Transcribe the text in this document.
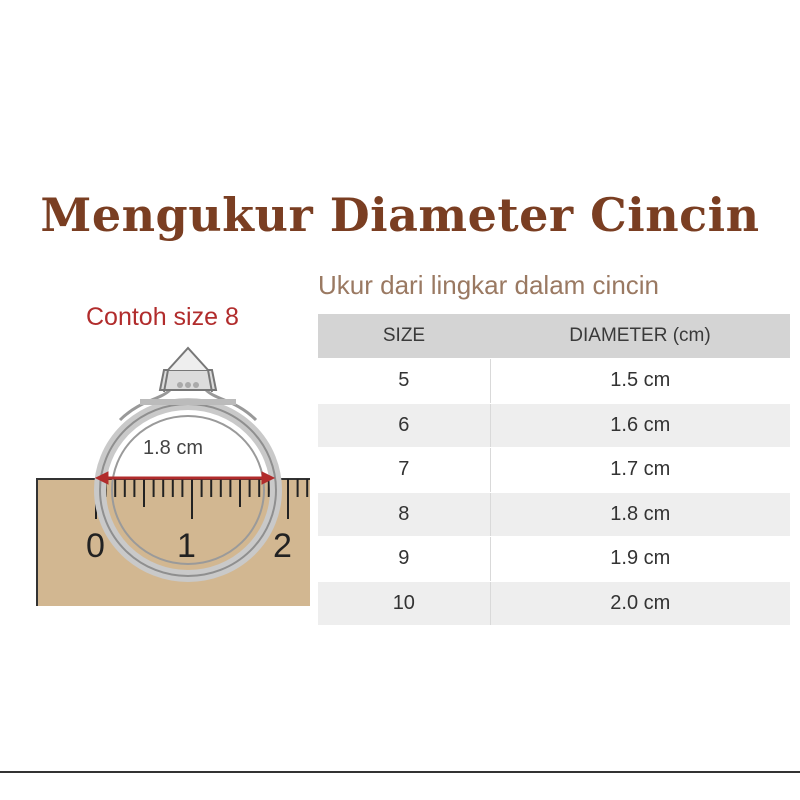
Mengukur Diameter Cincin
Ukur dari lingkar dalam cincin
Contoh size 8
1.8 cm
0 1 2
SIZE	DIAMETER (cm)
5	1.5 cm
6	1.6 cm
7	1.7 cm
8	1.8 cm
9	1.9 cm
10	2.0 cm
